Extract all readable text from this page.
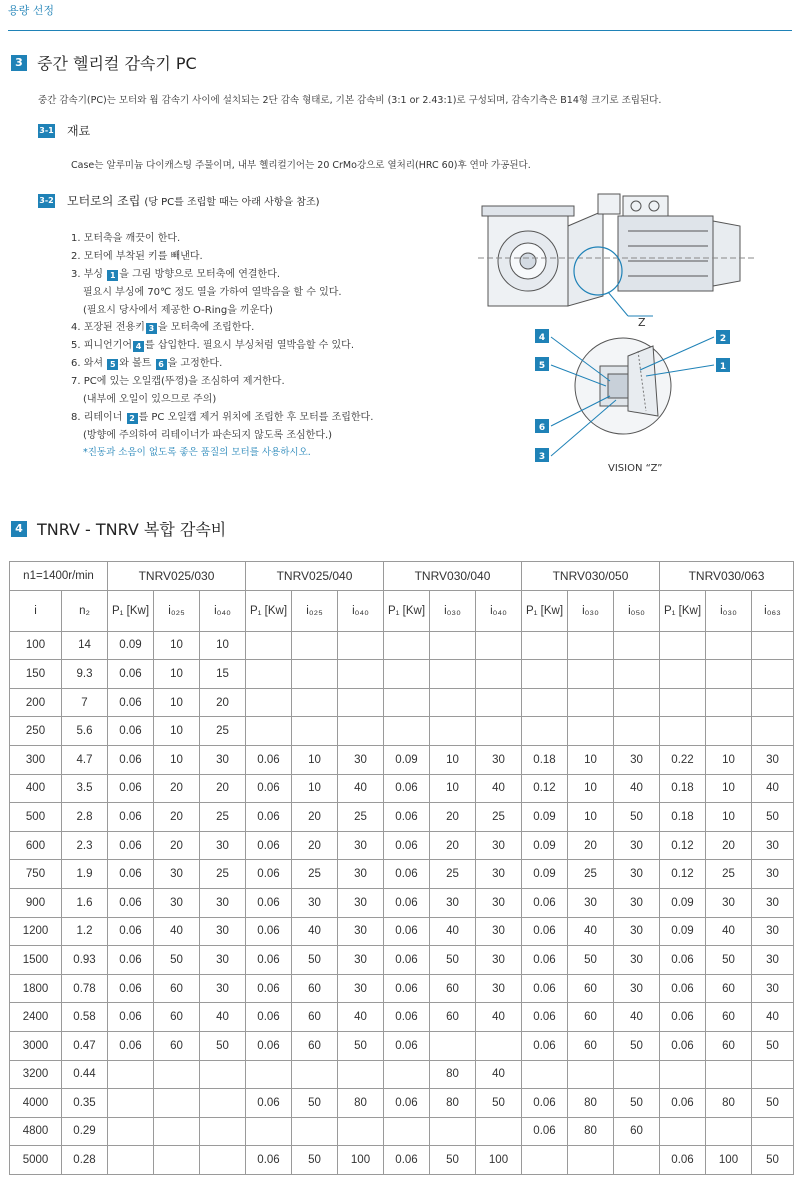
용량 선정
3 중간 헬리컬 감속기 PC
중간 감속기(PC)는 모터와 웜 감속기 사이에 설치되는 2단 감속 형태로, 기본 감속비 (3:1 or 2.43:1)로 구성되며, 감속기측은 B14형 크기로 조립된다.
3-1 재료
Case는 알루미늄 다이캐스팅 주물이며, 내부 헬리컬기어는 20 CrMo강으로 열처리(HRC 60)후 연마 가공된다.
3-2 모터로의 조립 (당 PC를 조립할 때는 아래 사항을 참조)
1. 모터축을 깨끗이 한다.
2. 모터에 부착된 키를 빼낸다.
3. 부싱 1 을 그림 방향으로 모터축에 연결한다.
필요시 부싱에 70℃ 정도 열을 가하여 열박음을 할 수 있다.
(필요시 당사에서 제공한 O-Ring을 끼운다)
4. 포장된 전용키 3 을 모터축에 조립한다.
5. 피니언기어 4 를 삽입한다. 필요시 부싱처럼 열박음할 수 있다.
6. 와셔 5 와 볼트 6 을 고정한다.
7. PC에 있는 오일캡(뚜껑)을 조심하여 제거한다.
(내부에 오일이 있으므로 주의)
8. 리테이너 2 를 PC 오일캡 제거 위치에 조립한 후 모터를 조립한다.
(방향에 주의하여 리테이너가 파손되지 않도록 조심한다.)
*진동과 소음이 없도록 좋은 품질의 모터를 사용하시오.
4
5
6
3
2
1
Z
VISION “Z”
4 TNRV - TNRV 복합 감속비
n1=1400r/min		TNRV025/030			TNRV025/040			TNRV030/040			TNRV030/050			TNRV030/063		
i	n₂	P₁ [Kw]	i₀₂₅	i₀₄₀	P₁ [Kw]	i₀₂₅	i₀₄₀	P₁ [Kw]	i₀₃₀	i₀₄₀	P₁ [Kw]	i₀₃₀	i₀₅₀	P₁ [Kw]	i₀₃₀	i₀₆₃
100	14	0.09	10	10												
150	9.3	0.06	10	15												
200	7	0.06	10	20												
250	5.6	0.06	10	25												
300	4.7	0.06	10	30	0.06	10	30	0.09	10	30	0.18	10	30	0.22	10	30
400	3.5	0.06	20	20	0.06	10	40	0.06	10	40	0.12	10	40	0.18	10	40
500	2.8	0.06	20	25	0.06	20	25	0.06	20	25	0.09	10	50	0.18	10	50
600	2.3	0.06	20	30	0.06	20	30	0.06	20	30	0.09	20	30	0.12	20	30
750	1.9	0.06	30	25	0.06	25	30	0.06	25	30	0.09	25	30	0.12	25	30
900	1.6	0.06	30	30	0.06	30	30	0.06	30	30	0.06	30	30	0.09	30	30
1200	1.2	0.06	40	30	0.06	40	30	0.06	40	30	0.06	40	30	0.09	40	30
1500	0.93	0.06	50	30	0.06	50	30	0.06	50	30	0.06	50	30	0.06	50	30
1800	0.78	0.06	60	30	0.06	60	30	0.06	60	30	0.06	60	30	0.06	60	30
2400	0.58	0.06	60	40	0.06	60	40	0.06	60	40	0.06	60	40	0.06	60	40
3000	0.47	0.06	60	50	0.06	60	50	0.06			0.06	60	50	0.06	60	50
3200	0.44								80	40						
4000	0.35				0.06	50	80	0.06	80	50	0.06	80	50	0.06	80	50
4800	0.29										0.06	80	60			
5000	0.28				0.06	50	100	0.06	50	100				0.06	100	50
